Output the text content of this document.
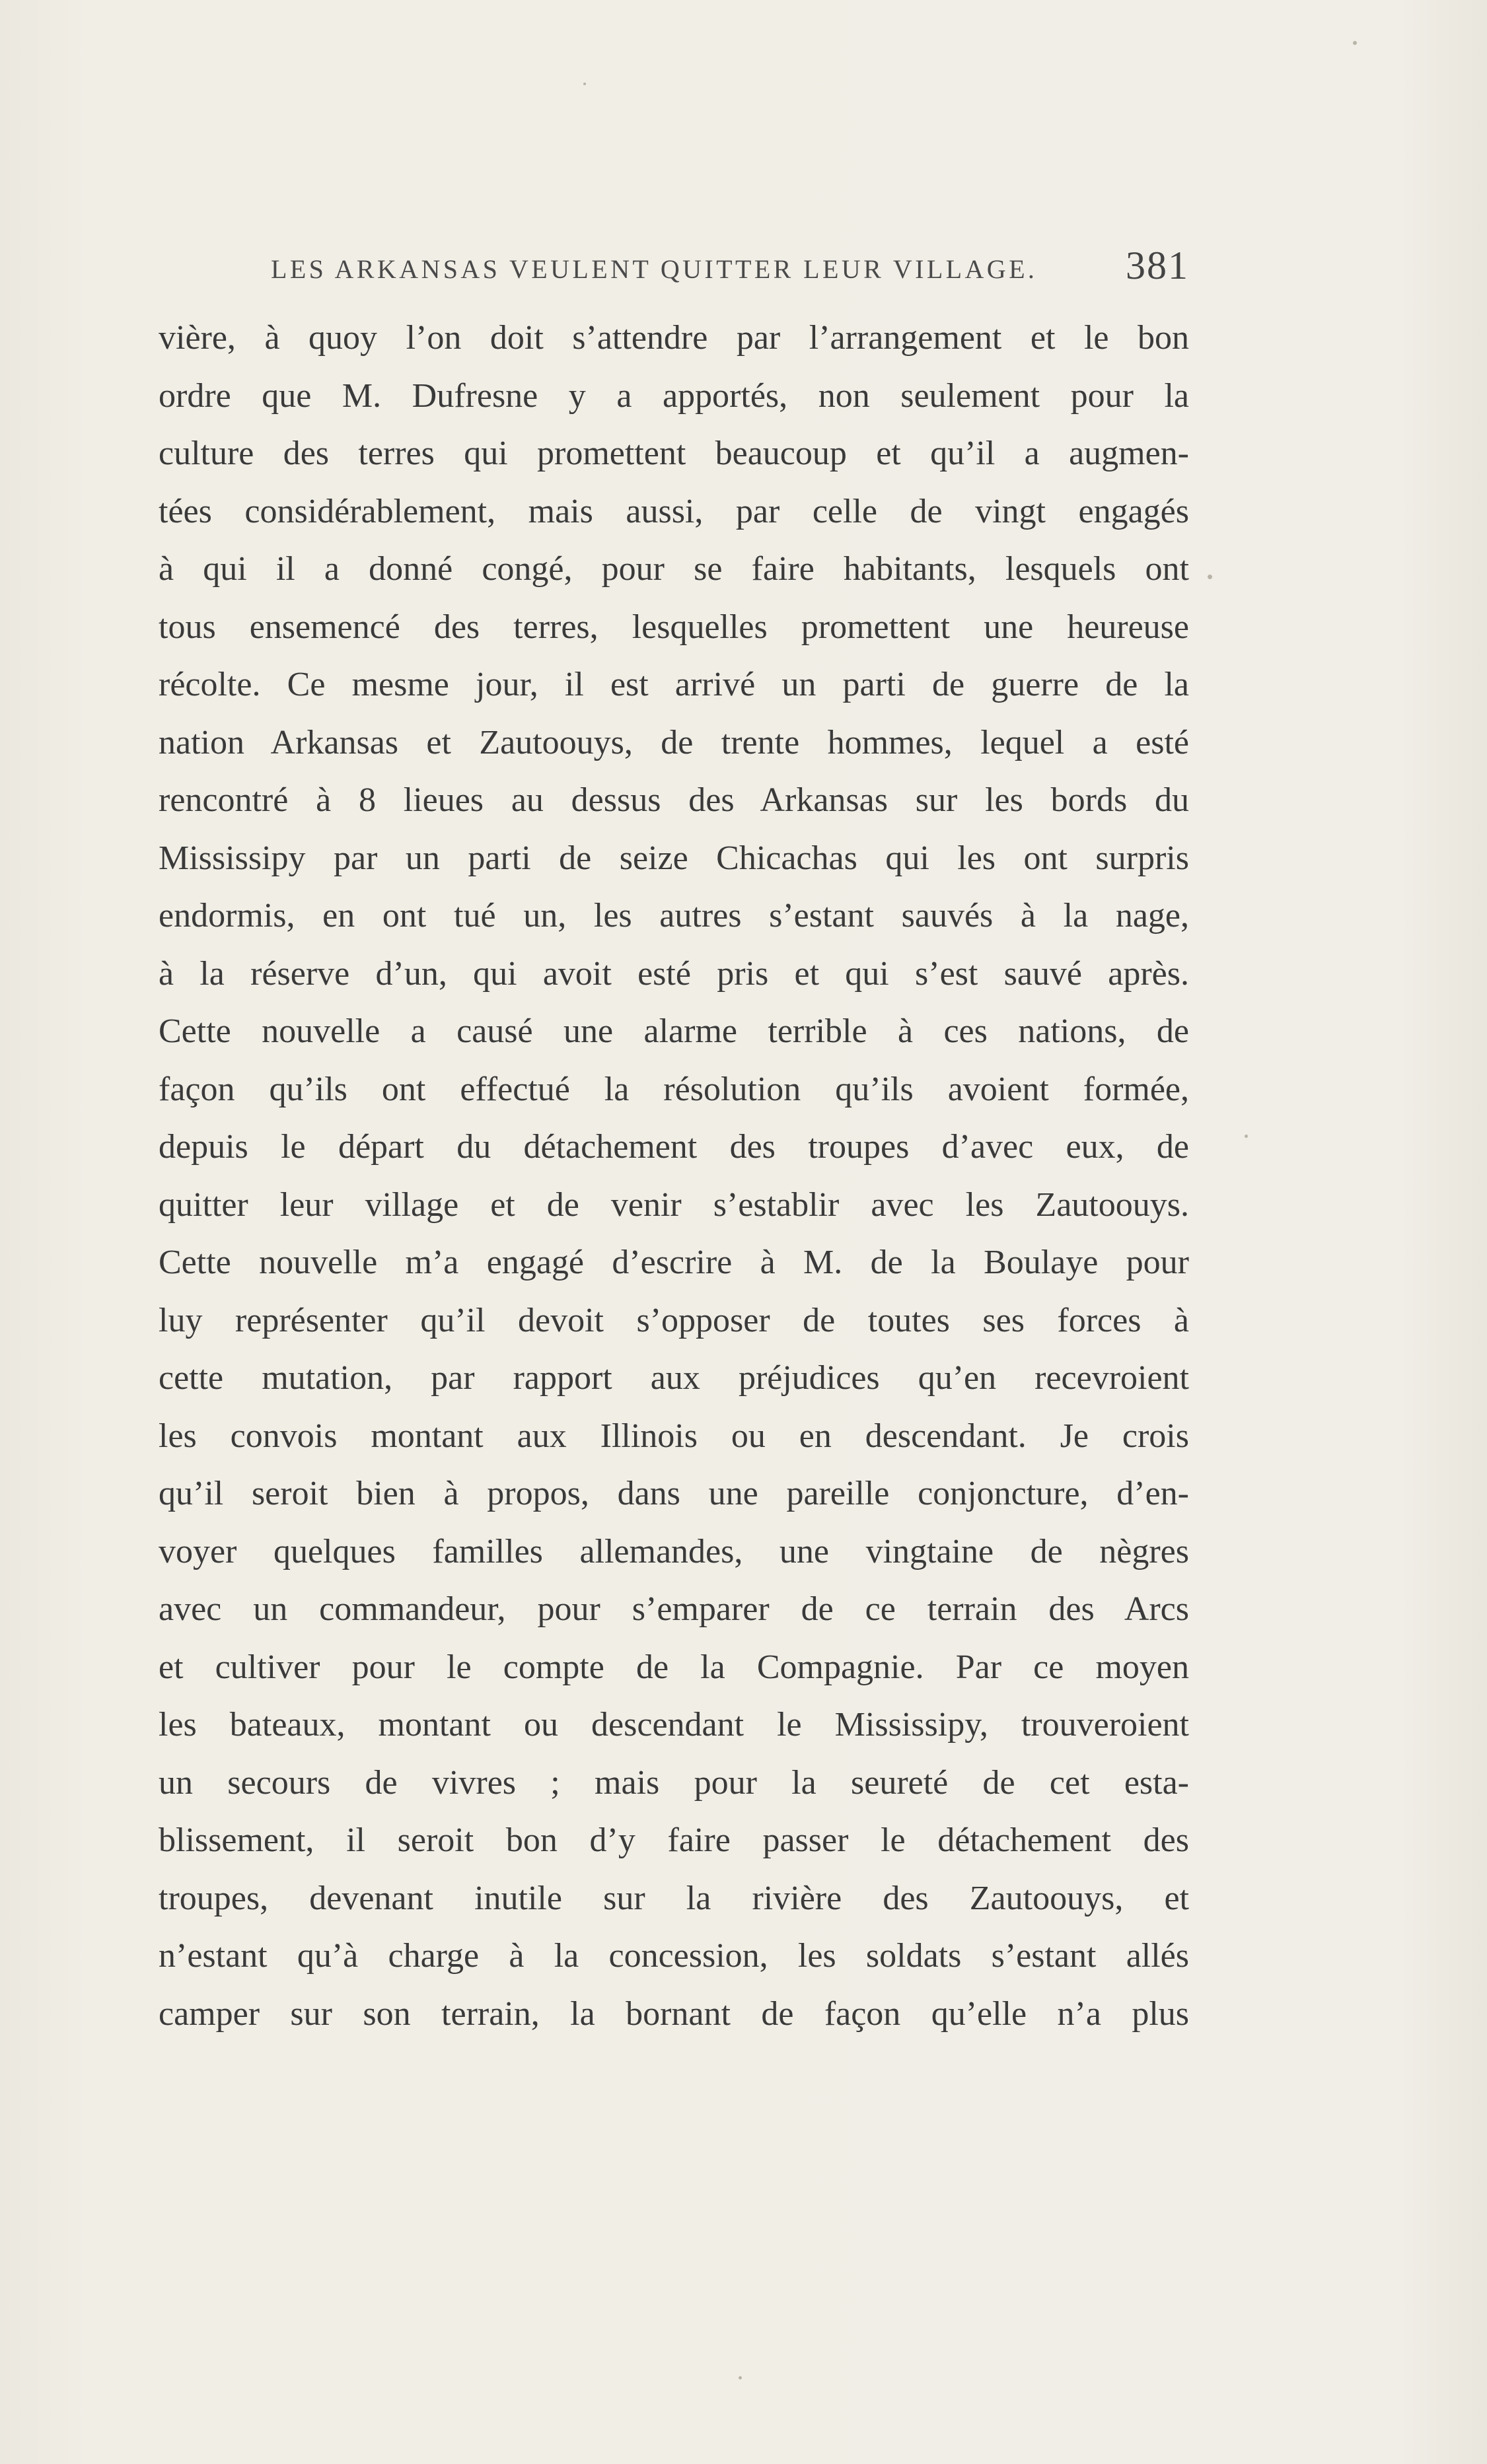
LES ARKANSAS VEULENT QUITTER LEUR VILLAGE. 381
vière, à quoy l’on doit s’attendre par l’arrangement et le bon
ordre que M. Dufresne y a apportés, non seulement pour la
culture des terres qui promettent beaucoup et qu’il a augmen-
tées considérablement, mais aussi, par celle de vingt engagés
à qui il a donné congé, pour se faire habitants, lesquels ont
tous ensemencé des terres, lesquelles promettent une heureuse
récolte. Ce mesme jour, il est arrivé un parti de guerre de la
nation Arkansas et Zautoouys, de trente hommes, lequel a esté
rencontré à 8 lieues au dessus des Arkansas sur les bords du
Mississipy par un parti de seize Chicachas qui les ont surpris
endormis, en ont tué un, les autres s’estant sauvés à la nage,
à la réserve d’un, qui avoit esté pris et qui s’est sauvé après.
Cette nouvelle a causé une alarme terrible à ces nations, de
façon qu’ils ont effectué la résolution qu’ils avoient formée,
depuis le départ du détachement des troupes d’avec eux, de
quitter leur village et de venir s’establir avec les Zautoouys.
Cette nouvelle m’a engagé d’escrire à M. de la Boulaye pour
luy représenter qu’il devoit s’opposer de toutes ses forces à
cette mutation, par rapport aux préjudices qu’en recevroient
les convois montant aux Illinois ou en descendant. Je crois
qu’il seroit bien à propos, dans une pareille conjoncture, d’en-
voyer quelques familles allemandes, une vingtaine de nègres
avec un commandeur, pour s’emparer de ce terrain des Arcs
et cultiver pour le compte de la Compagnie. Par ce moyen
les bateaux, montant ou descendant le Mississipy, trouveroient
un secours de vivres ; mais pour la seureté de cet esta-
blissement, il seroit bon d’y faire passer le détachement des
troupes, devenant inutile sur la rivière des Zautoouys, et
n’estant qu’à charge à la concession, les soldats s’estant allés
camper sur son terrain, la bornant de façon qu’elle n’a plus
